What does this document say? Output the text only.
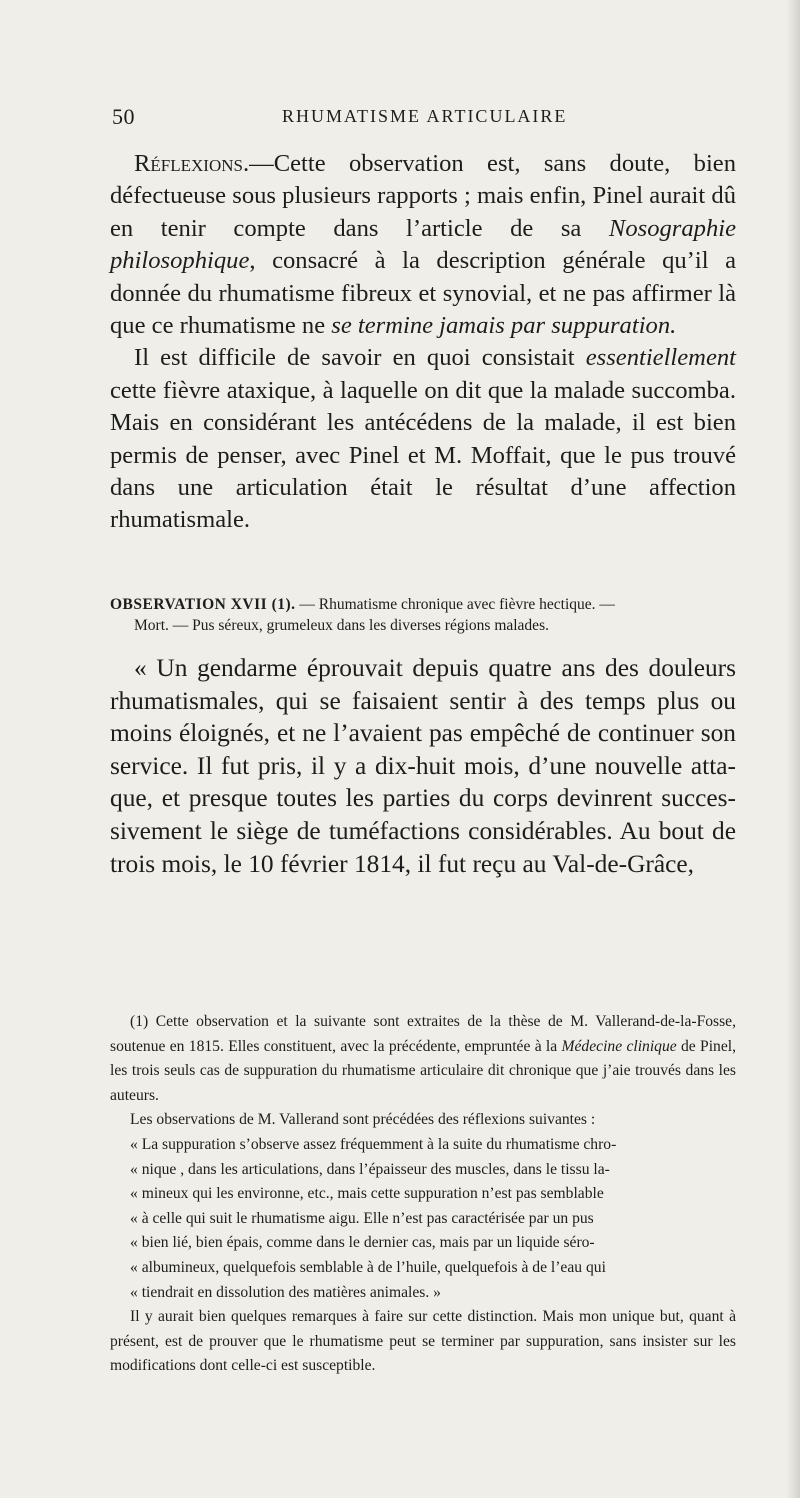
50	RHUMATISME ARTICULAIRE

Réflexions.—Cette observation est, sans doute, bien défectueuse sous plusieurs rapports ; mais enfin, Pinel aurait dû en tenir compte dans l’article de sa Nosographie philosophique, consacré à la description générale qu’il a donnée du rhumatisme fibreux et synovial, et ne pas affirmer là que ce rhumatisme ne se termine jamais par suppuration.

Il est difficile de savoir en quoi consistait essentiellement cette fièvre ataxique, à laquelle on dit que la malade succomba. Mais en considérant les antécédens de la malade, il est bien permis de penser, avec Pinel et M. Moffait, que le pus trouvé dans une articulation était le résultat d’une affection rhumatismale.

OBSERVATION XVII (1). — Rhumatisme chronique avec fièvre hectique. —
Mort. — Pus séreux, grumeleux dans les diverses régions malades.

« Un gendarme éprouvait depuis quatre ans des douleurs rhumatismales, qui se faisaient sentir à des temps plus ou moins éloignés, et ne l’avaient pas empêché de continuer son service. Il fut pris, il y a dix-huit mois, d’une nouvelle attaque, et presque toutes les parties du corps devinrent successivement le siège de tuméfactions considérables. Au bout de trois mois, le 10 février 1814, il fut reçu au Val-de-Grâce,

(1) Cette observation et la suivante sont extraites de la thèse de M. Vallerand-de-la-Fosse, soutenue en 1815. Elles constituent, avec la précédente, empruntée à la Médecine clinique de Pinel, les trois seuls cas de suppuration du rhumatisme articulaire dit chronique que j’aie trouvés dans les auteurs.

Les observations de M. Vallerand sont précédées des réflexions suivantes :

« La suppuration s’observe assez fréquemment à la suite du rhumatisme chro-

« nique , dans les articulations, dans l’épaisseur des muscles, dans le tissu la-

« mineux qui les environne, etc., mais cette suppuration n’est pas semblable

« à celle qui suit le rhumatisme aigu. Elle n’est pas caractérisée par un pus

« bien lié, bien épais, comme dans le dernier cas, mais par un liquide séro-

« albumineux, quelquefois semblable à de l’huile, quelquefois à de l’eau qui

« tiendrait en dissolution des matières animales. »

Il y aurait bien quelques remarques à faire sur cette distinction. Mais mon unique but, quant à présent, est de prouver que le rhumatisme peut se terminer par suppuration, sans insister sur les modifications dont celle-ci est susceptible.
